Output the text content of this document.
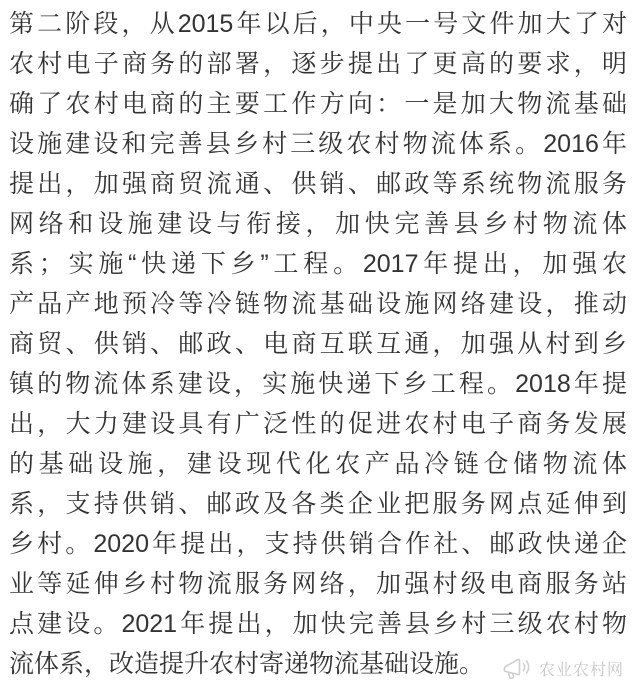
第二阶段，从2015年以后，中央一号文件加大了对
农村电子商务的部署，逐步提出了更高的要求，明
确了农村电商的主要工作方向：一是加大物流基础
设施建设和完善县乡村三级农村物流体系。2016年
提出，加强商贸流通、供销、邮政等系统物流服务
网络和设施建设与衔接，加快完善县乡村物流体
系；实施“快递下乡”工程。2017年提出，加强农
产品产地预冷等冷链物流基础设施网络建设，推动
商贸、供销、邮政、电商互联互通，加强从村到乡
镇的物流体系建设，实施快递下乡工程。2018年提
出，大力建设具有广泛性的促进农村电子商务发展
的基础设施，建设现代化农产品冷链仓储物流体
系，支持供销、邮政及各类企业把服务网点延伸到
乡村。2020年提出，支持供销合作社、邮政快递企
业等延伸乡村物流服务网络，加强村级电商服务站
点建设。2021年提出，加快完善县乡村三级农村物
流体系，改造提升农村寄递物流基础设施。	农业农村网
